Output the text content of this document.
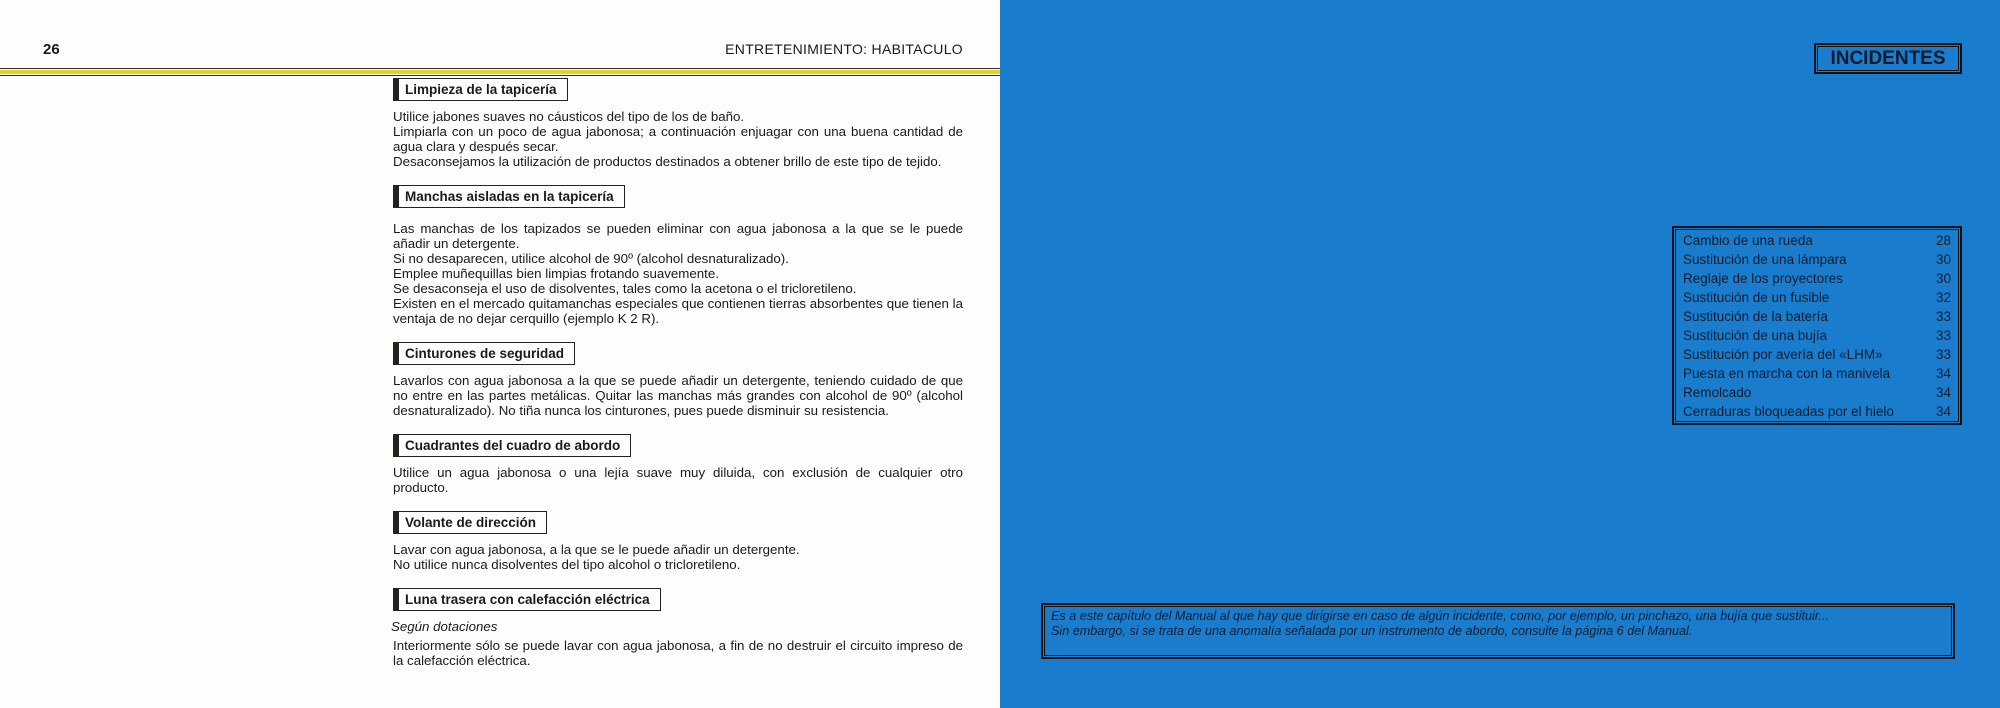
26	ENTRETENIMIENTO: HABITACULO
Limpieza de la tapicería

Utilice jabones suaves no cáusticos del tipo de los de baño.

Limpiarla con un poco de agua jabonosa; a continuación enjuagar con una buena cantidad de agua clara y después secar.

Desaconsejamos la utilización de productos destinados a obtener brillo de este tipo de tejido.

Manchas aisladas en la tapicería

Las manchas de los tapizados se pueden eliminar con agua jabonosa a la que se le puede añadir un detergente.

Si no desaparecen, utilice alcohol de 90º (alcohol desnaturalizado).

Emplee muñequillas bien limpias frotando suavemente.

Se desaconseja el uso de disolventes, tales como la acetona o el tricloretileno.

Existen en el mercado quitamanchas especiales que contienen tierras absorbentes que tienen la ventaja de no dejar cerquillo (ejemplo K 2 R).

Cinturones de seguridad

Lavarlos con agua jabonosa a la que se puede añadir un detergente, teniendo cuidado de que no entre en las partes metálicas. Quitar las manchas más grandes con alcohol de 90º (alcohol desnaturalizado). No tiña nunca los cinturones, pues puede disminuir su resistencia.

Cuadrantes del cuadro de abordo

Utilice un agua jabonosa o una lejía suave muy diluida, con exclusión de cualquier otro producto.

Volante de dirección

Lavar con agua jabonosa, a la que se le puede añadir un detergente.

No utilice nunca disolventes del tipo alcohol o tricloretileno.

Luna trasera con calefacción eléctrica
Según dotaciones

Interiormente sólo se puede lavar con agua jabonosa, a fin de no destruir el circuito impreso de la calefacción eléctrica.

INCIDENTES
Cambio de una rueda	28
Sustitución de una lámpara	30
Reglaje de los proyectores	30
Sustitución de un fusible	32
Sustitución de la batería	33
Sustitución de una bujía	33
Sustitución por avería del «LHM»	33
Puesta en marcha con la manivela	34
Remolcado	34
Cerraduras bloqueadas por el hielo	34

Es a este capítulo del Manual al que hay que dirigirse en caso de algún incidente, como, por ejemplo, un pinchazo, una bujía que sustituir...

Sin embargo, si se trata de una anomalía señalada por un instrumento de abordo, consulte la página 6 del Manual.
